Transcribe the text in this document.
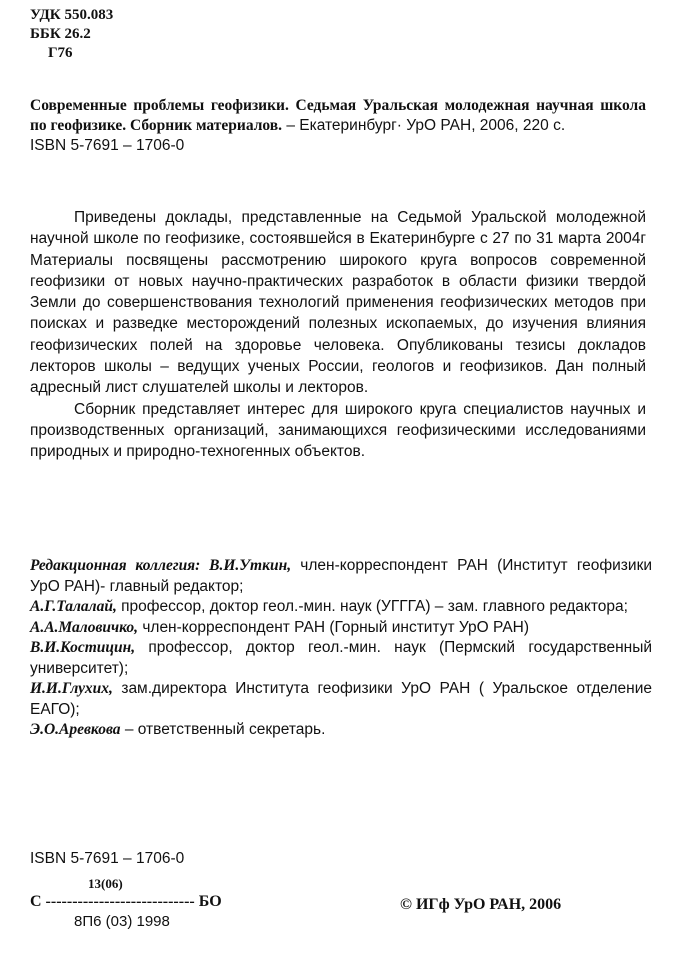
УДК 550.083
ББК 26.2
Г76
Современные проблемы геофизики. Седьмая Уральская молодежная научная школа по геофизике. Сборник материалов. – Екатеринбург· УрО РАН, 2006, 220 с.
ISBN 5-7691 – 1706-0

Приведены доклады, представленные на Седьмой Уральской молодежной научной школе по геофизике, состоявшейся в Екатеринбурге с 27 по 31 марта 2004г Материалы посвящены рассмотрению широкого круга вопросов современной геофизики от новых научно-практических разработок в области физики твердой Земли до совершенствования технологий применения геофизических методов при поисках и разведке месторождений полезных ископаемых, до изучения влияния геофизических полей на здоровье человека. Опубликованы тезисы докладов лекторов школы – ведущих ученых России, геологов и геофизиков. Дан полный адресный лист слушателей школы и лекторов.

Сборник представляет интерес для широкого круга специалистов научных и производственных организаций, занимающихся геофизическими исследованиями природных и природно-техногенных объектов.

Редакционная коллегия: В.И.Уткин, член-корреспондент РАН (Институт геофизики УрО РАН)- главный редактор;

А.Г.Талалай, профессор, доктор геол.-мин. наук (УГГГА) – зам. главного редактора;

А.А.Маловичко, член-корреспондент РАН (Горный институт УрО РАН)

В.И.Костицин, профессор, доктор геол.-мин. наук (Пермский государственный университет);

И.И.Глухих, зам.директора Института геофизики УрО РАН ( Уральское отделение ЕАГО);

Э.О.Аревкова – ответственный секретарь.

ISBN 5-7691 – 1706-0
13(06)
С ---------------------------- БО
8П6 (03) 1998
© ИГф УрО РАН, 2006
